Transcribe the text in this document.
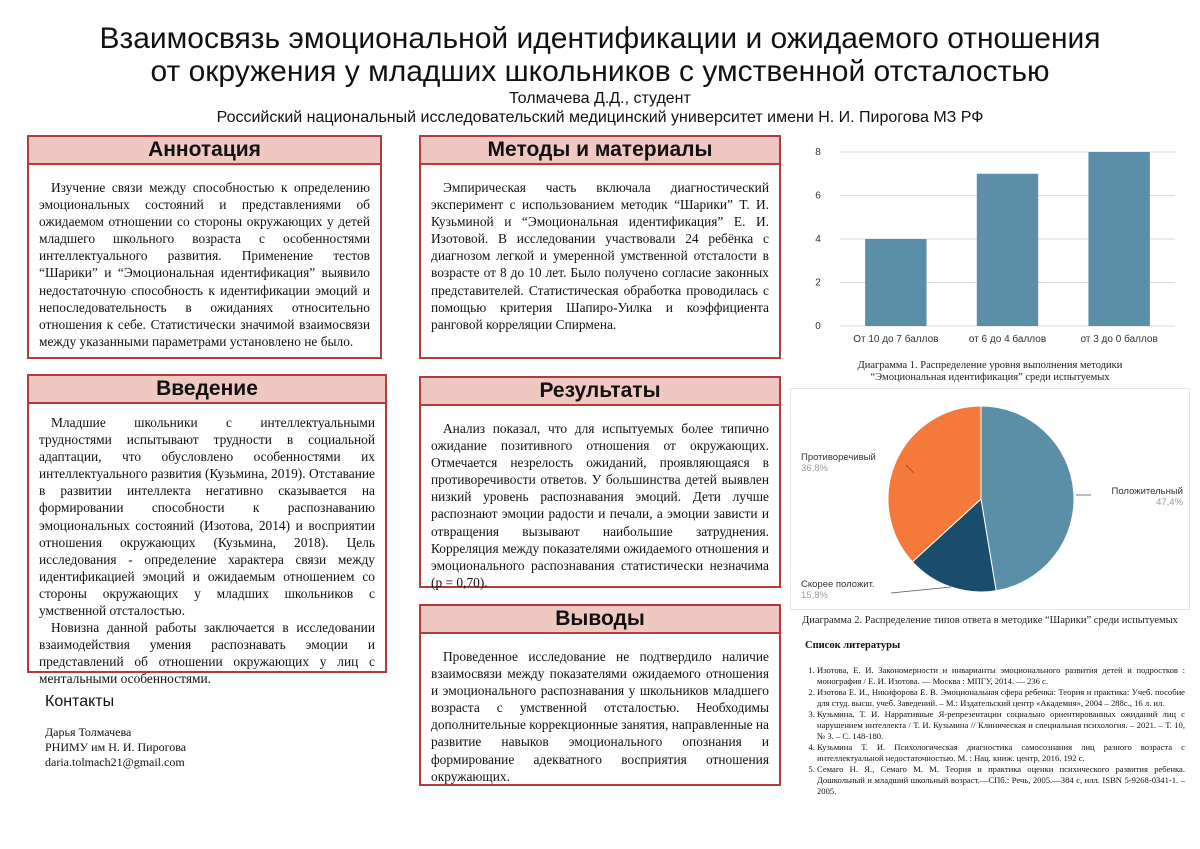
Взаимосвязь эмоциональной идентификации и ожидаемого отношения
от окружения у младших школьников с умственной отсталостью
Толмачева Д.Д., студент
Российский национальный исследовательский медицинский университет имени Н. И. Пирогова МЗ РФ
Аннотация

Изучение связи между способностью к определению эмоциональных состояний и представлениями об ожидаемом отношении со стороны окружающих у детей младшего школьного возраста с особенностями интеллектуального развития. Применение тестов “Шарики” и “Эмоциональная идентификация” выявило недостаточную способность к идентификации эмоций и непоследовательность в ожиданиях относительно отношения к себе. Статистически значимой взаимосвязи между указанными параметрами установлено не было.

Методы и материалы

Эмпирическая часть включала диагностический эксперимент с использованием методик “Шарики” Т. И. Кузьминой и “Эмоциональная идентификация” Е. И. Изотовой. В исследовании участвовали 24 ребёнка с диагнозом легкой и умеренной умственной отсталости в возрасте от 8 до 10 лет. Было получено согласие законных представителей. Статистическая обработка проводилась с помощью критерия Шапиро-Уилка и коэффициента ранговой корреляции Спирмена.

Введение

Младшие школьники с интеллектуальными трудностями испытывают трудности в социальной адаптации, что обусловлено особенностями их интеллектуального развития (Кузьмина, 2019). Отставание в развитии интеллекта негативно сказывается на формировании способности к распознаванию эмоциональных состояний (Изотова, 2014) и восприятии отношения окружающих (Кузьмина, 2018). Цель исследования - определение характера связи между идентификацией эмоций и ожидаемым отношением со стороны окружающих у младших школьников с умственной отсталостью.

Новизна данной работы заключается в исследовании взаимодействия умения распознавать эмоции и представлений об отношении окружающих у лиц с ментальными особенностями.

Результаты

Анализ показал, что для испытуемых более типично ожидание позитивного отношения от окружающих. Отмечается незрелость ожиданий, проявляющаяся в противоречивости ответов. У большинства детей выявлен низкий уровень распознавания эмоций. Дети лучше распознают эмоции радости и печали, а эмоции зависти и отвращения вызывают наибольшие затруднения. Корреляция между показателями ожидаемого отношения и эмоционального распознавания статистически незначима (р = 0,70).

Выводы

Проведенное исследование не подтвердило наличие взаимосвязи между показателями ожидаемого отношения и эмоционального распознавания у школьников младшего возраста с умственной отсталостью. Необходимы дополнительные коррекционные занятия, направленные на развитие навыков эмоционального опознания и формирование адекватного восприятия отношения окружающих.

0
2
4
6
8
От 10 до 7 баллов	от 6 до 4 баллов	от 3 до 0 баллов
Диаграмма 1. Распределение уровня выполнения методики
“Эмоциональная идентификация” среди испытуемых
Положительный
47,4%
Скорее положит.
15,8%
Противоречивый
36,8%
Диаграмма 2. Распределение типов ответа в методике “Шарики” среди испытуемых
Контакты
Дарья Толмачева
РНИМУ им Н. И. Пирогова
daria.tolmach21@gmail.com
Список литературы
1. Изотова, Е. И. Закономерности и инварианты эмоционального развития детей и подростков : монография / Е. И. Изотова. — Москва : МПГУ, 2014. — 236 с.
2. Изотова Е. И., Никифорова Е. В. Эмоциональная сфера ребенка: Теория и практика: Учеб. пособие для студ. высш. учеб. Заведений. – М.: Издательский центр «Академия», 2004 – 288с., 16 л. ил.
3. Кузьмина, Т. И. Нарративные Я-репрезентации социально ориентированных ожиданий лиц с нарушением интеллекта / Т. И. Кузьмина // Клиническая и специальная психология. – 2021. – Т. 10, № 3. – С. 148-180.
4. Кузьмина Т. И. Психологическая диагностика самосознания лиц разного возраста с интеллектуальной недостаточностью. М. : Нац. книж. центр, 2016. 192 с.
5. Семаго Н. Я., Семаго М. М. Теория и практика оценки психического развития ребенка. Дошкольный и младший школьный возраст.—СПб.: Речь, 2005.—384 с, илл. ISBN 5-9268-0341-1. – 2005.
